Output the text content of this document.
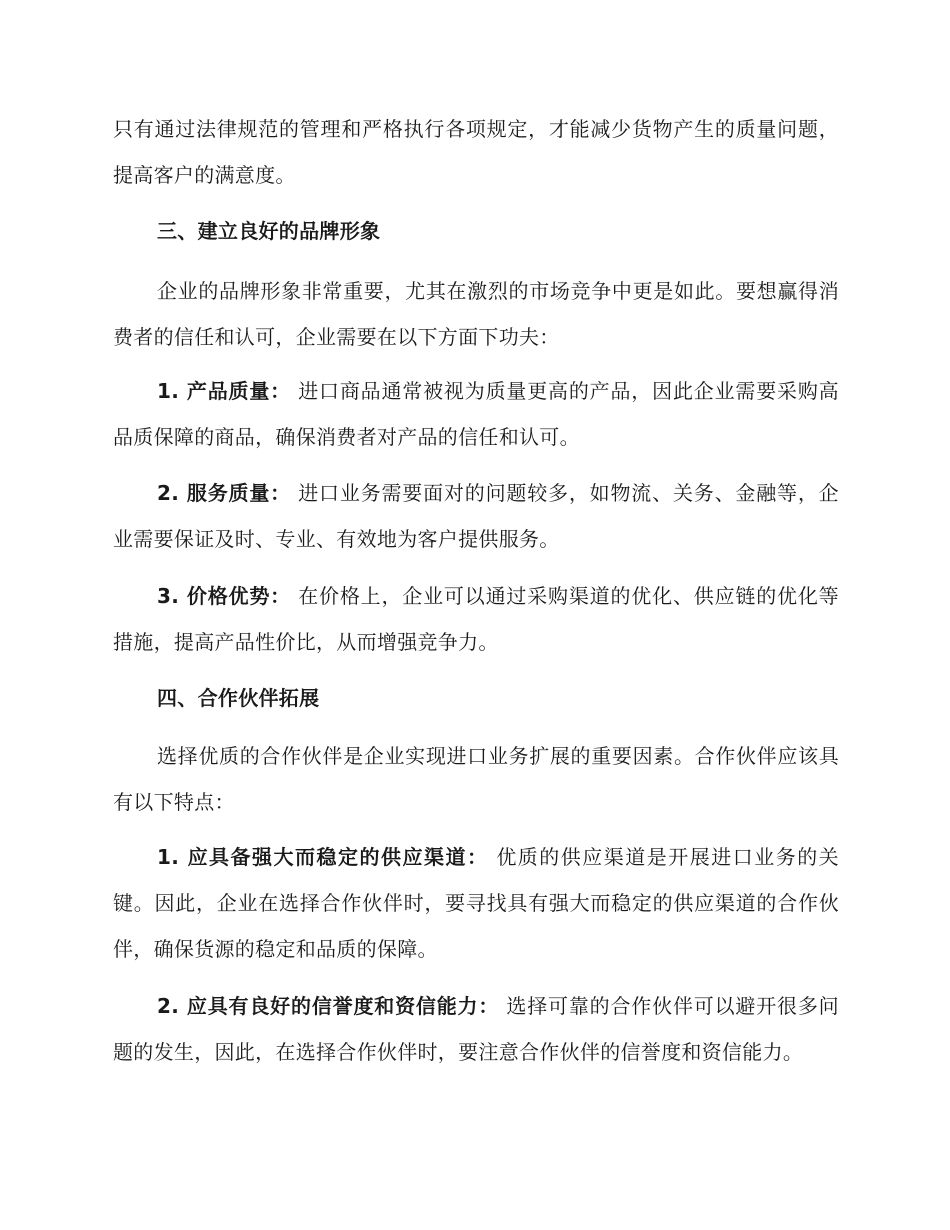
只有通过法律规范的管理和严格执行各项规定，才能减少货物产生的质量问题，提高客户的满意度。

三、建立良好的品牌形象

企业的品牌形象非常重要，尤其在激烈的市场竞争中更是如此。要想赢得消费者的信任和认可，企业需要在以下方面下功夫：

1. 产品质量： 进口商品通常被视为质量更高的产品，因此企业需要采购高品质保障的商品，确保消费者对产品的信任和认可。

2. 服务质量： 进口业务需要面对的问题较多，如物流、关务、金融等，企业需要保证及时、专业、有效地为客户提供服务。

3. 价格优势： 在价格上，企业可以通过采购渠道的优化、供应链的优化等措施，提高产品性价比，从而增强竞争力。

四、合作伙伴拓展

选择优质的合作伙伴是企业实现进口业务扩展的重要因素。合作伙伴应该具有以下特点：

1. 应具备强大而稳定的供应渠道： 优质的供应渠道是开展进口业务的关键。因此，企业在选择合作伙伴时，要寻找具有强大而稳定的供应渠道的合作伙伴，确保货源的稳定和品质的保障。

2. 应具有良好的信誉度和资信能力： 选择可靠的合作伙伴可以避开很多问题的发生，因此，在选择合作伙伴时，要注意合作伙伴的信誉度和资信能力。
